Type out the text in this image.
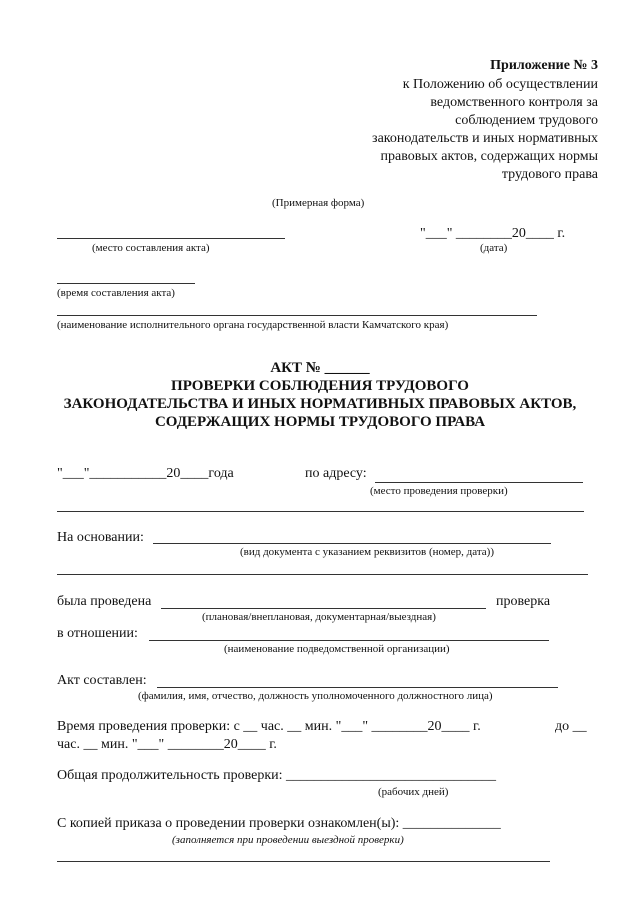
Приложение № 3
к Положению об осуществлении
ведомственного контроля за
соблюдением трудового
законодательств и иных нормативных
правовых актов, содержащих нормы
трудового права
(Примерная форма)
"___" ________20____ г.
(место составления акта)	(дата)
(время составления акта)
(наименование исполнительного органа государственной власти Камчатского края)
АКТ № ______
ПРОВЕРКИ СОБЛЮДЕНИЯ ТРУДОВОГО
ЗАКОНОДАТЕЛЬСТВА И ИНЫХ НОРМАТИВНЫХ ПРАВОВЫХ АКТОВ,
СОДЕРЖАЩИХ НОРМЫ ТРУДОВОГО ПРАВА
"___"___________20____года	по адресу:
(место проведения проверки)
На основании:
(вид документа с указанием реквизитов (номер, дата))
была проведена	проверка
(плановая/внеплановая, документарная/выездная)
в отношении:
(наименование подведомственной организации)
Акт составлен:
(фамилия, имя, отчество, должность уполномоченного должностного лица)
Время проведения проверки: с __ час. __ мин. "___" ________20____ г.	до __
час. __ мин. "___" ________20____ г.
Общая продолжительность проверки: ______________________________
(рабочих дней)
С копией приказа о проведении проверки ознакомлен(ы): ______________
(заполняется при проведении выездной проверки)
